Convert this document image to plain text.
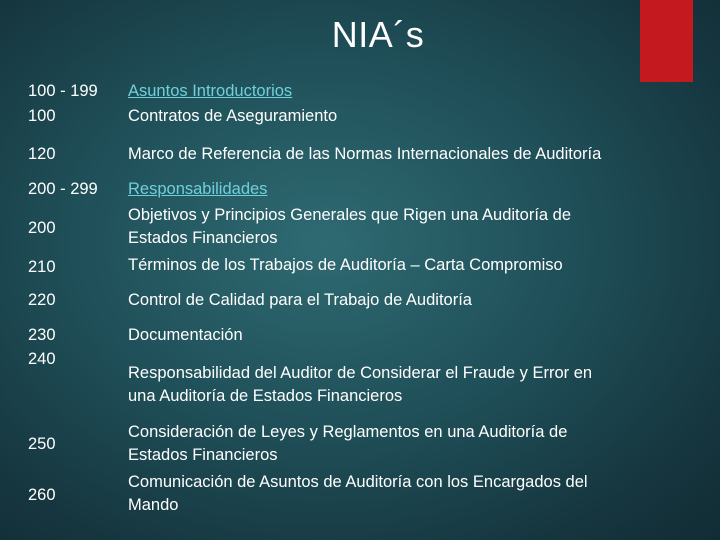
NIA´s
100 - 199
100
120
200 - 299
200
210
220
230
240
250
260
Asuntos Introductorios
Contratos de Aseguramiento
Marco de Referencia de las Normas Internacionales de Auditoría
Responsabilidades
Objetivos y Principios Generales que Rigen una Auditoría de
Estados Financieros
Términos de los Trabajos de Auditoría – Carta Compromiso
Control de Calidad para el Trabajo de Auditoría
Documentación
Responsabilidad del Auditor de Considerar el Fraude y Error en
una Auditoría de Estados Financieros
Consideración de Leyes y Reglamentos en una Auditoría de
Estados Financieros
Comunicación de Asuntos de Auditoría con los Encargados del
Mando
